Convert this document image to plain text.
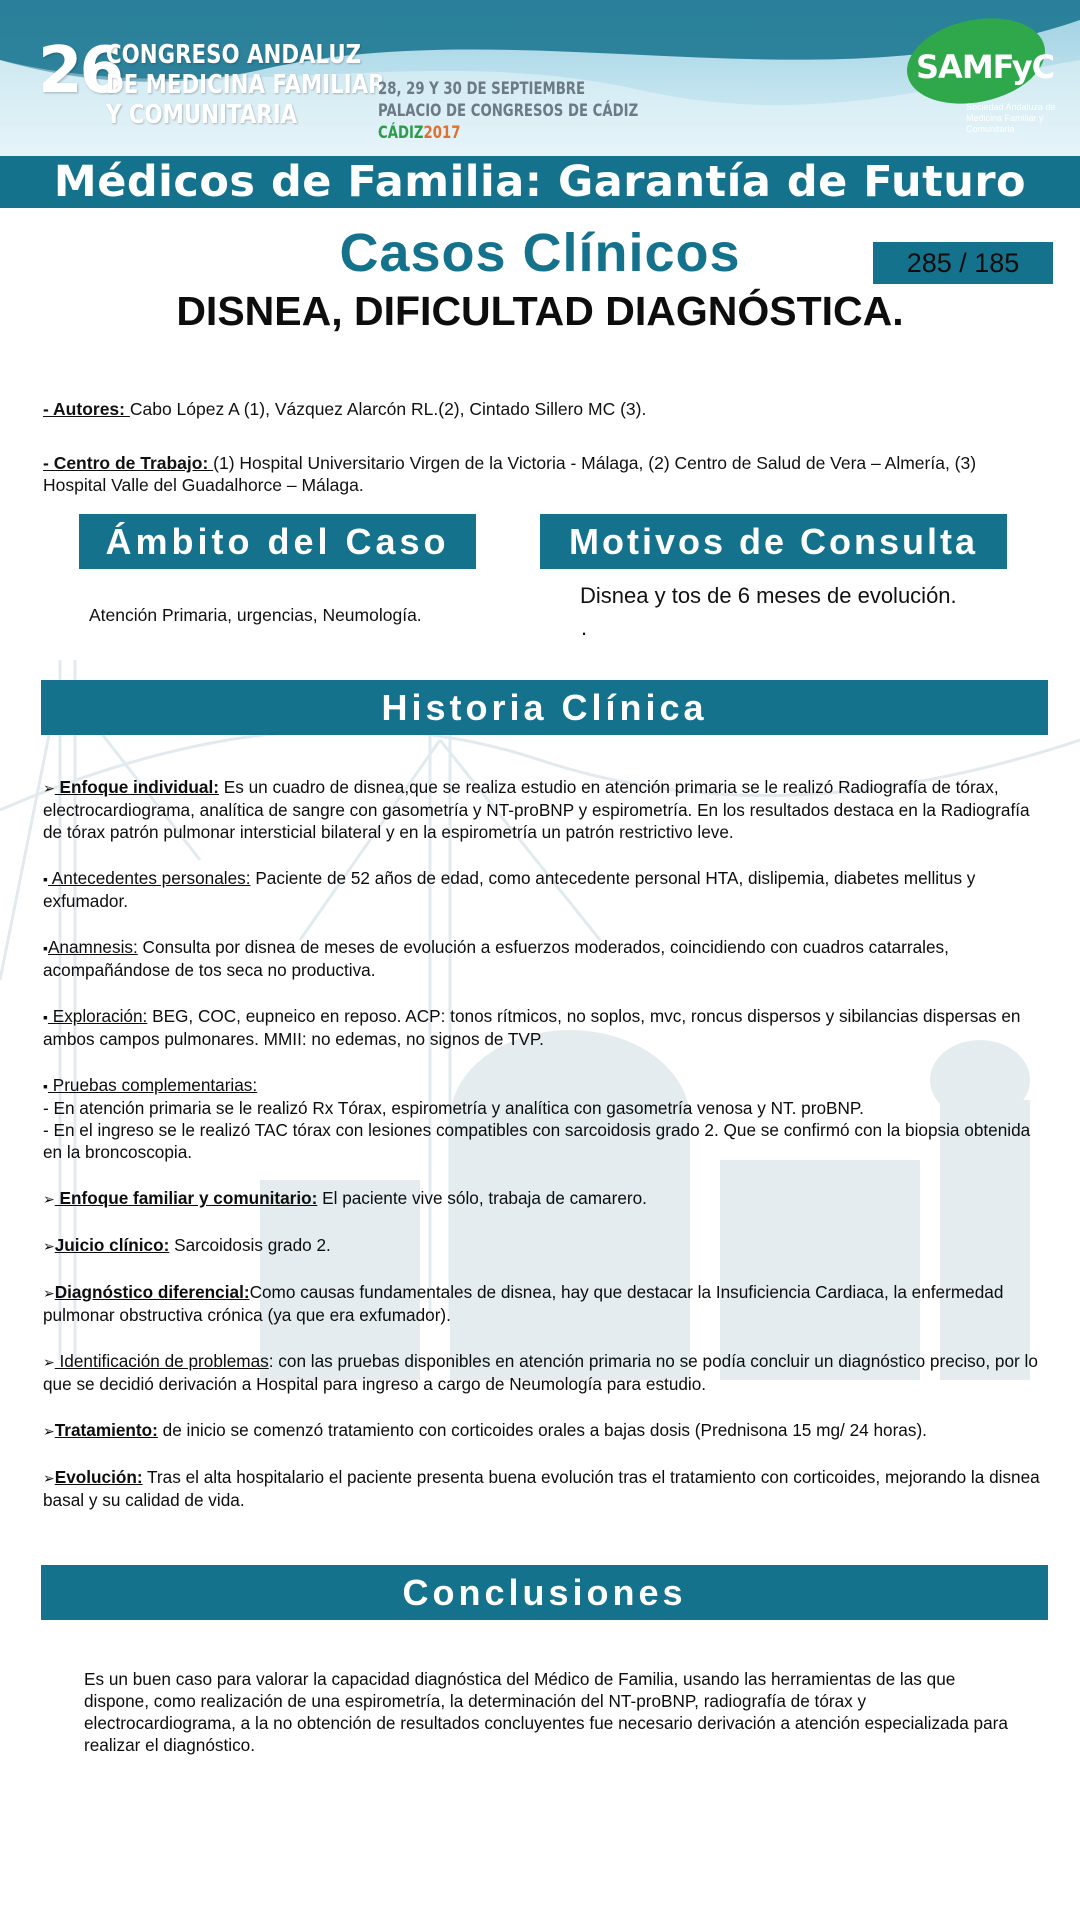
26
CONGRESO ANDALUZ
DE MEDICINA FAMILIAR
Y COMUNITARIA
28, 29 Y 30 DE SEPTIEMBRE
PALACIO DE CONGRESOS DE CÁDIZ
CÁDIZ2017
SAMFyC
Sociedad Andaluza de Medicina Familiar y Comunitaria
Médicos de Familia: Garantía de Futuro
Casos Clínicos	285 / 185
DISNEA, DIFICULTAD DIAGNÓSTICA.
- Autores: Cabo López A (1), Vázquez Alarcón RL.(2), Cintado Sillero MC (3).
- Centro de Trabajo: (1) Hospital Universitario Virgen de la Victoria - Málaga, (2) Centro de Salud de Vera – Almería, (3) Hospital Valle del Guadalhorce – Málaga.
Ámbito del Caso	Motivos de Consulta
Atención Primaria, urgencias, Neumología.
Disnea y tos de 6 meses de evolución.
.
Historia Clínica
➢ Enfoque individual: Es un cuadro de disnea,que se realiza estudio en atención primaria se le realizó Radiografía de tórax, electrocardiograma, analítica de sangre con gasometría y NT-proBNP y espirometría. En los resultados destaca en la Radiografía de tórax patrón pulmonar intersticial bilateral y en la espirometría un patrón restrictivo leve.
▪ Antecedentes personales: Paciente de 52 años de edad, como antecedente personal HTA, dislipemia, diabetes mellitus y exfumador.
▪Anamnesis: Consulta por disnea de meses de evolución a esfuerzos moderados, coincidiendo con cuadros catarrales, acompañándose de tos seca no productiva.
▪ Exploración: BEG, COC, eupneico en reposo. ACP: tonos rítmicos, no soplos, mvc, roncus dispersos y sibilancias dispersas en ambos campos pulmonares. MMII: no edemas, no signos de TVP.
▪ Pruebas complementarias:
- En atención primaria se le realizó Rx Tórax, espirometría y analítica con gasometría venosa y NT. proBNP.
- En el ingreso se le realizó TAC tórax con lesiones compatibles con sarcoidosis grado 2. Que se confirmó con la biopsia obtenida en la broncoscopia.
➢ Enfoque familiar y comunitario: El paciente vive sólo, trabaja de camarero.
➢Juicio clínico: Sarcoidosis grado 2.
➢Diagnóstico diferencial:Como causas fundamentales de disnea, hay que destacar la Insuficiencia Cardiaca, la enfermedad pulmonar obstructiva crónica (ya que era exfumador).
➢ Identificación de problemas: con las pruebas disponibles en atención primaria no se podía concluir un diagnóstico preciso, por lo que se decidió derivación a Hospital para ingreso a cargo de Neumología para estudio.
➢Tratamiento: de inicio se comenzó tratamiento con corticoides orales a bajas dosis (Prednisona 15 mg/ 24 horas).
➢Evolución: Tras el alta hospitalario el paciente presenta buena evolución tras el tratamiento con corticoides, mejorando la disnea basal y su calidad de vida.
Conclusiones
Es un buen caso para valorar la capacidad diagnóstica del Médico de Familia, usando las herramientas de las que dispone, como realización de una espirometría, la determinación del NT-proBNP, radiografía de tórax y electrocardiograma, a la no obtención de resultados concluyentes fue necesario derivación a atención especializada para realizar el diagnóstico.
